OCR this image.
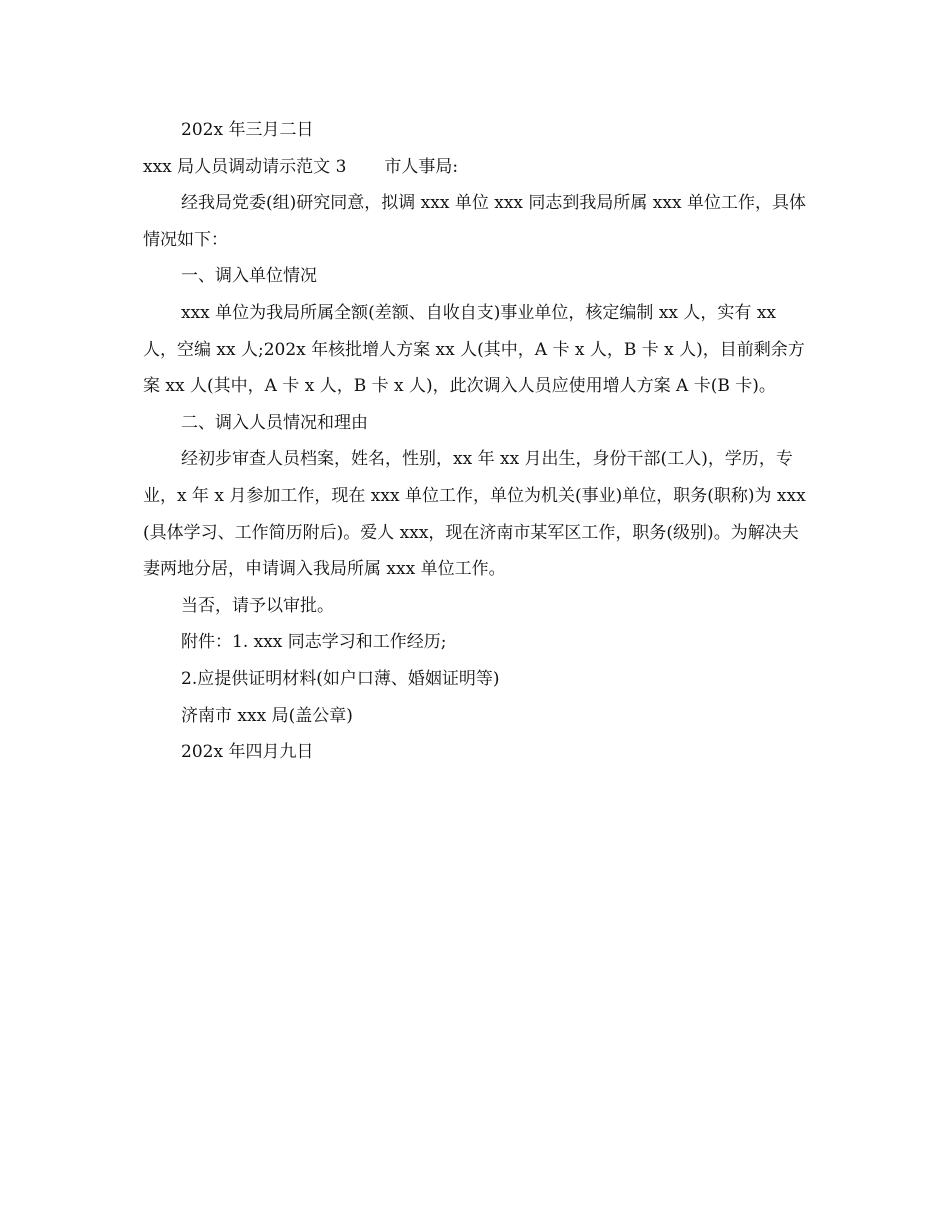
202x 年三月二日

xxx 局人员调动请示范文 3 市人事局:

经我局党委(组)研究同意，拟调 xxx 单位 xxx 同志到我局所属 xxx 单位工作，具体情况如下：

一、调入单位情况

xxx 单位为我局所属全额(差额、自收自支)事业单位，核定编制 xx 人，实有 xx 人，空编 xx 人;202x 年核批增人方案 xx 人(其中，A 卡 x 人，B 卡 x 人)，目前剩余方案 xx 人(其中，A 卡 x 人，B 卡 x 人)，此次调入人员应使用增人方案 A 卡(B 卡)。

二、调入人员情况和理由

经初步审查人员档案，姓名，性别，xx 年 xx 月出生，身份干部(工人)，学历，专业，x 年 x 月参加工作，现在 xxx 单位工作，单位为机关(事业)单位，职务(职称)为 xxx(具体学习、工作简历附后)。爱人 xxx，现在济南市某军区工作，职务(级别)。为解决夫妻两地分居，申请调入我局所属 xxx 单位工作。

当否，请予以审批。

附件：1. xxx 同志学习和工作经历;

2.应提供证明材料(如户口薄、婚姻证明等)

济南市 xxx 局(盖公章)

202x 年四月九日
